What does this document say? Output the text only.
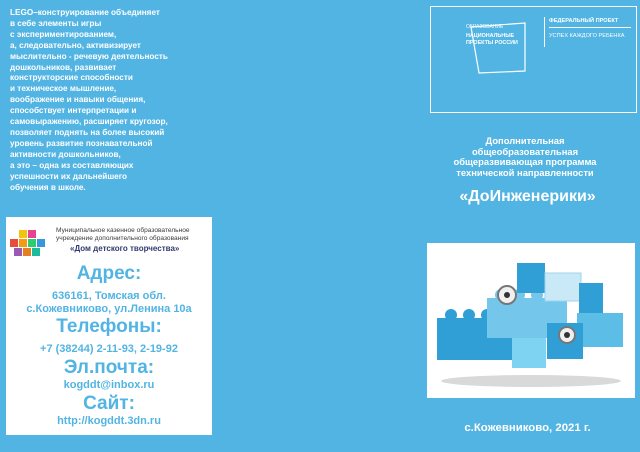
LEGO–конструирование объединяет
в себе элементы игры
с экспериментированием,
а, следовательно, активизирует
мыслительно - речевую деятельность
дошкольников, развивает
конструкторские способности
и техническое мышление,
воображение и навыки общения,
способствует интерпретации и
самовыражению, расширяет кругозор,
позволяет поднять на более высокий
уровень развитие познавательной
активности дошкольников,
а это – одна из составляющих
успешности их дальнейшего
обучения в школе.

Муниципальное казенное образовательное учреждение дополнительного образования
«Дом детского творчества»
Адрес:
636161, Томская обл.
с.Кожевниково, ул.Ленина 10а
Телефоны:
+7 (38244) 2-11-93, 2-19-92
Эл.почта:
kogddt@inbox.ru
Сайт:
http://kogddt.3dn.ru
ОБРАЗОВАНИЕ
НАЦИОНАЛЬНЫЕ ПРОЕКТЫ РОССИИ
ФЕДЕРАЛЬНЫЙ ПРОЕКТ
УСПЕХ КАЖДОГО РЕБЕНКА
Дополнительная
общеобразовательная
общеразвивающая программа
технической направленности
«ДоИнженерики»
с.Кожевниково, 2021 г.
